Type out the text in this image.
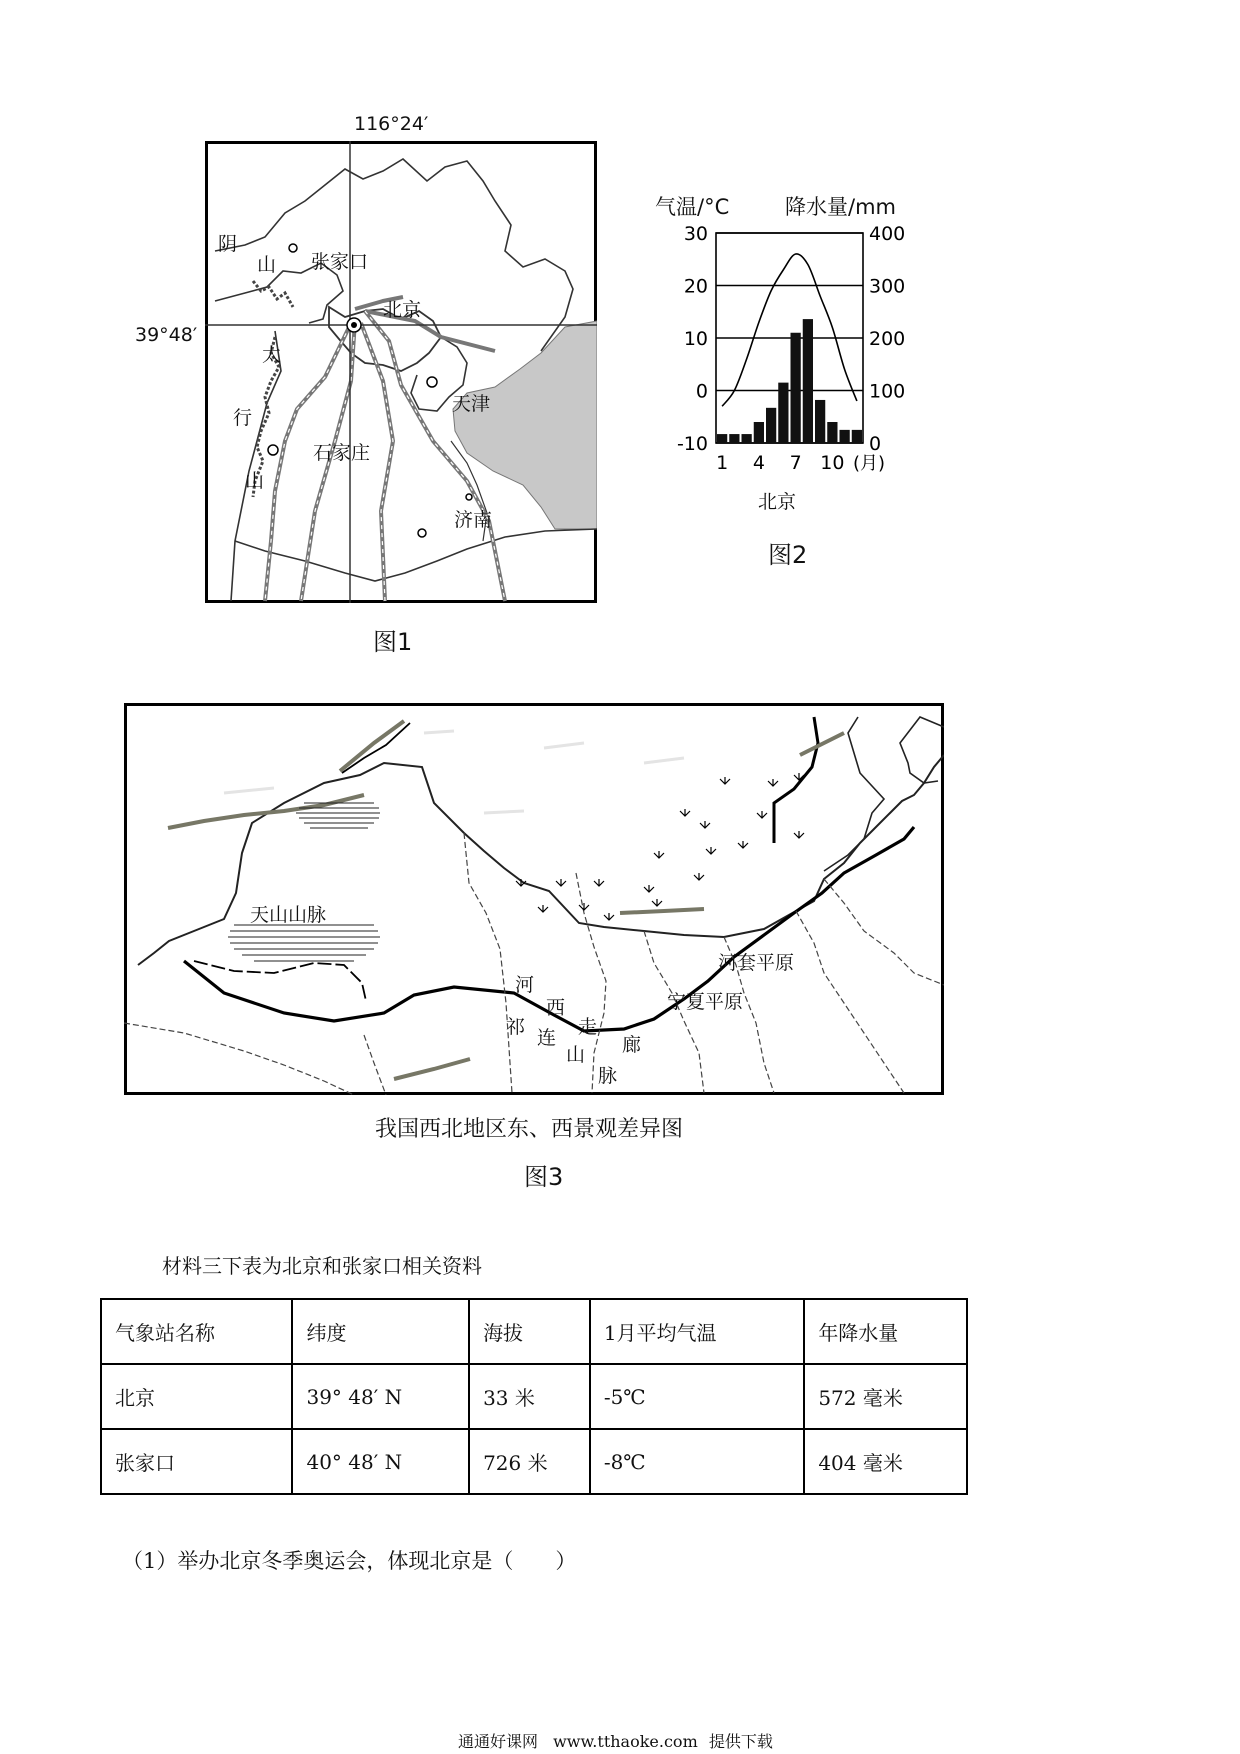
116°24′
39°48′
阴
山 张家口
北京
太
行
天津
石家庄
山
济南
图1
气温/°C	降水量/mm
30
20
10
0
-10
400
300
200
100
0
1 4 7 10 (月)
北京
图2
天山山脉
河套平原
宁夏平原
河
西
祁	走
连	廊
山
脉
我国西北地区东、西景观差异图
图3
材料三下表为北京和张家口相关资料
气象站名称	纬度	海拔	1月平均气温	年降水量
北京	39° 48′ N	33 米	-5℃	572 毫米
张家口	40° 48′ N	726 米	-8℃	404 毫米
（1）举办北京冬季奥运会，体现北京是（　　）
通通好课网 www.tthaoke.com 提供下载
